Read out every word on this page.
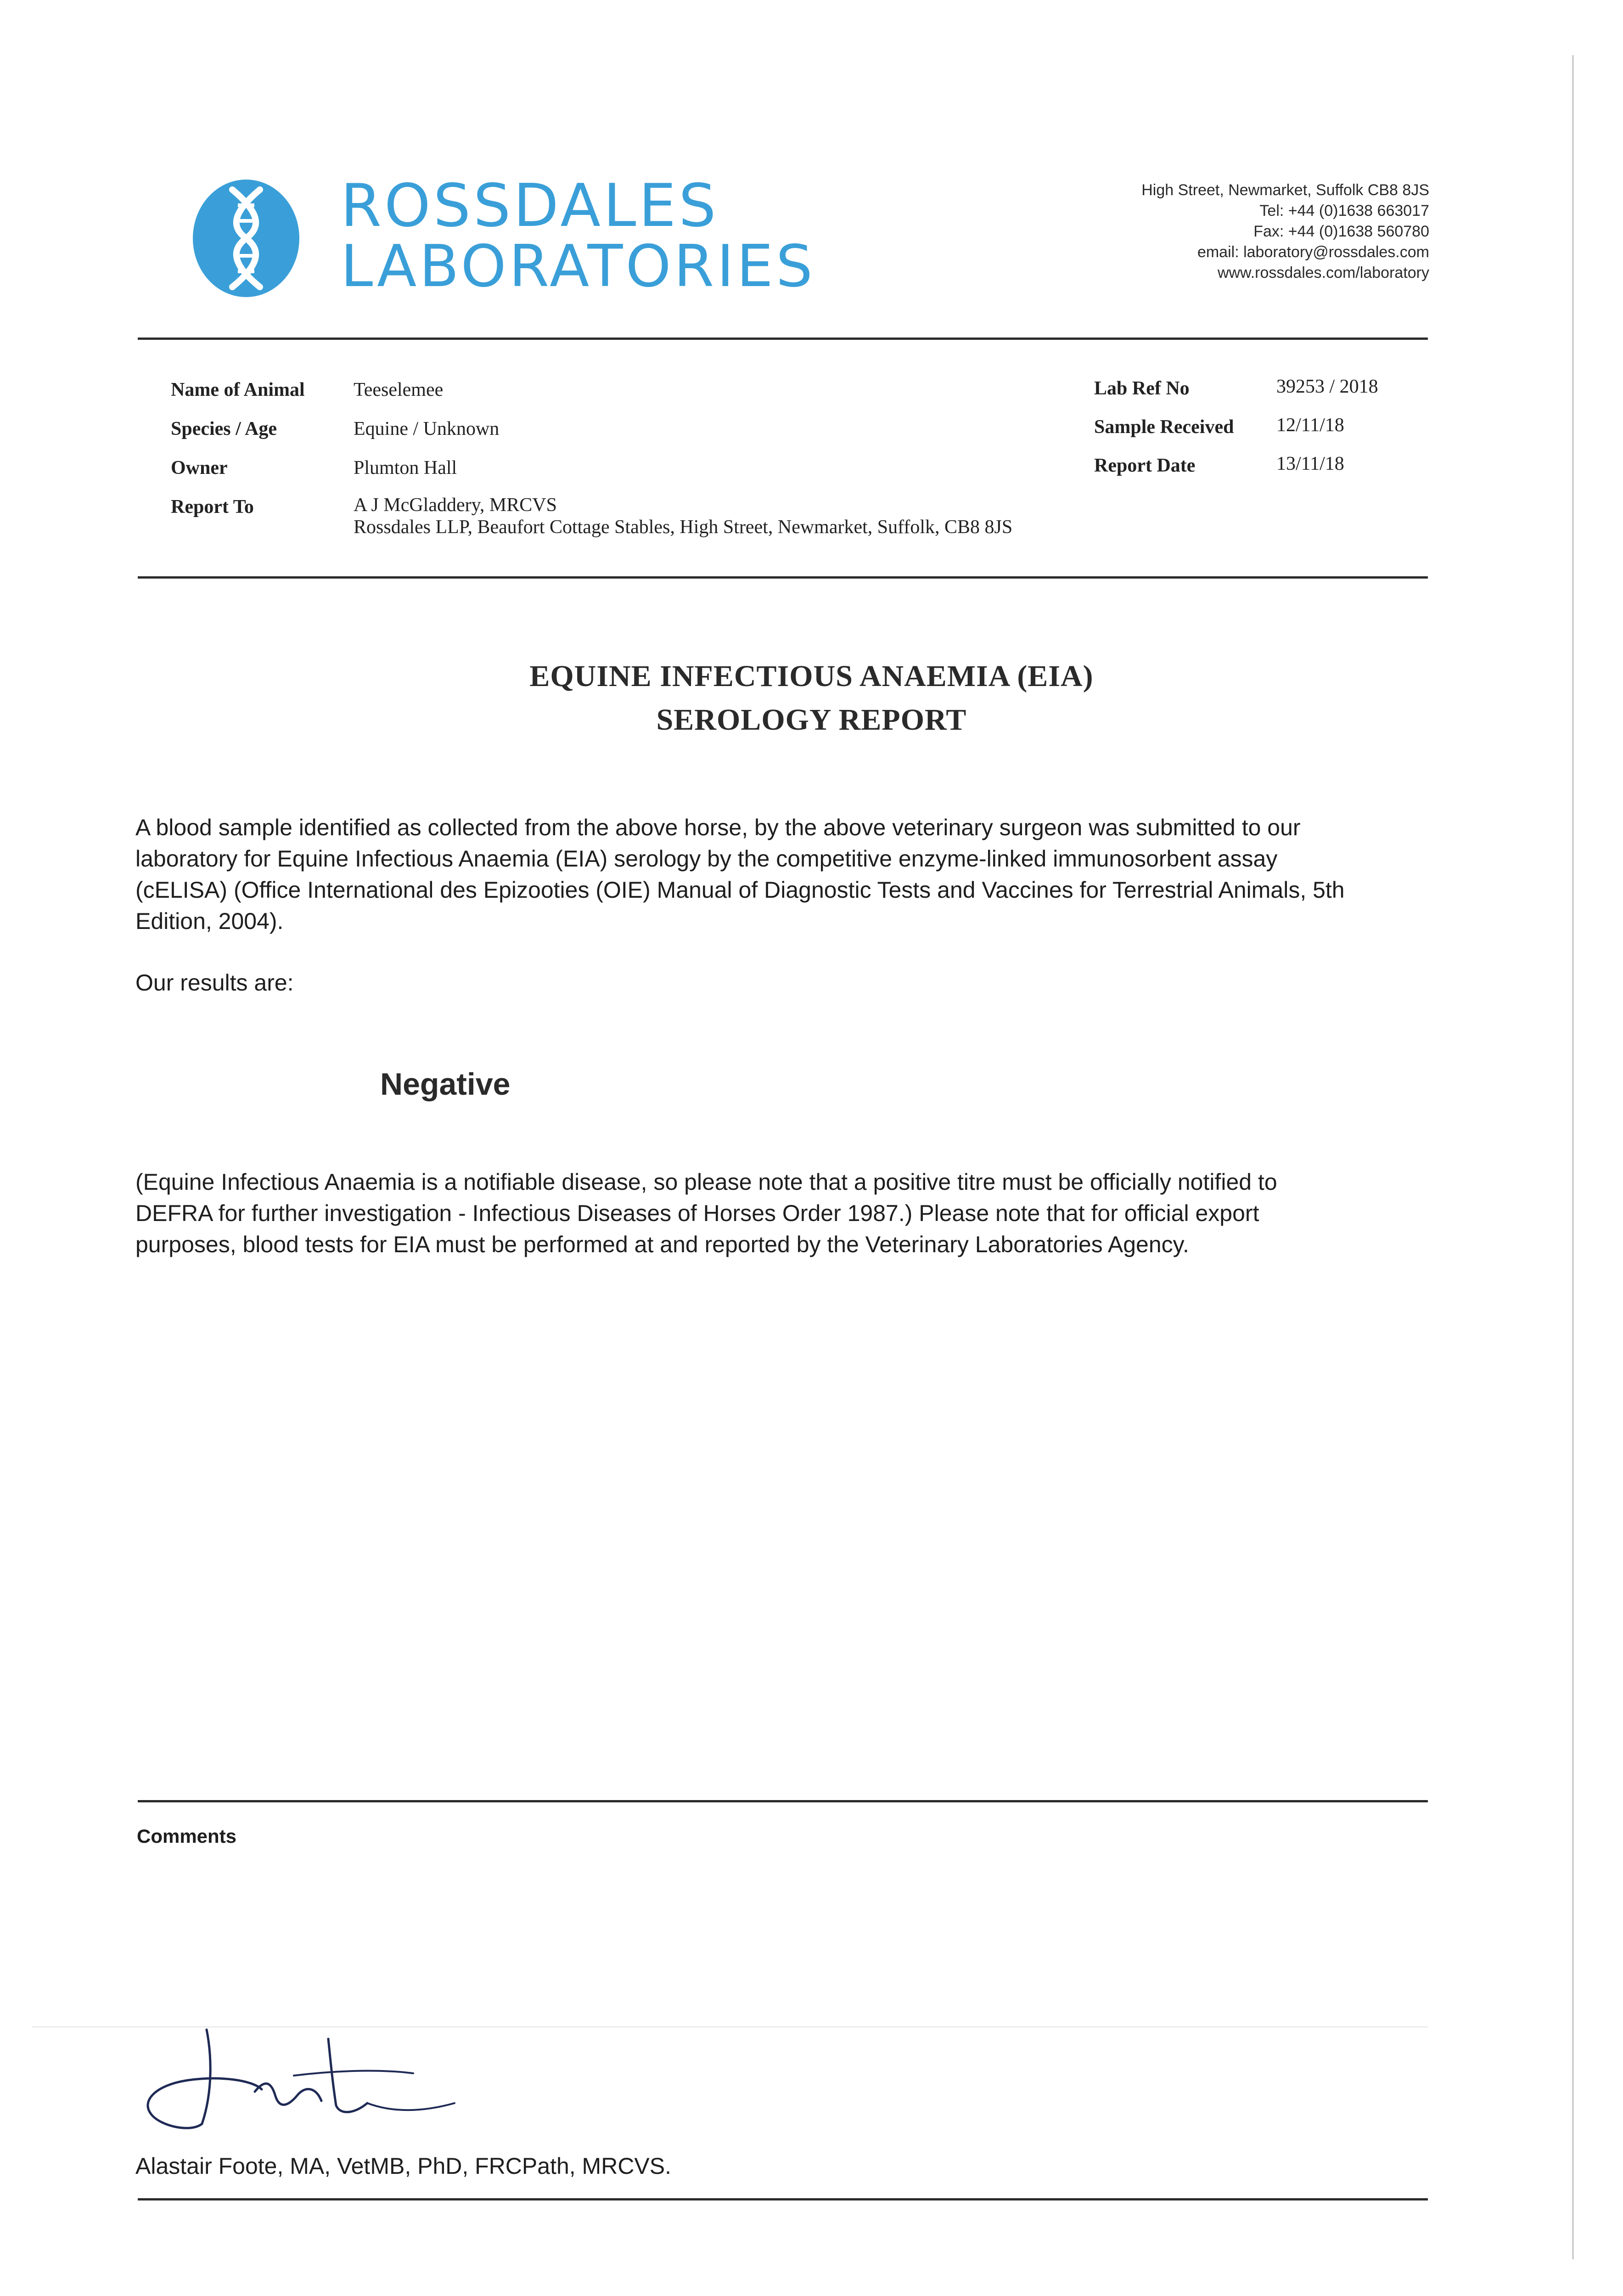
ROSSDALES
LABORATORIES
High Street, Newmarket, Suffolk CB8 8JS
Tel: +44 (0)1638 663017
Fax: +44 (0)1638 560780
email: laboratory@rossdales.com
www.rossdales.com/laboratory
Name of Animal	Teeselemee
Species / Age	Equine / Unknown
Owner	Plumton Hall
Report To	A J McGladdery, MRCVS
Rossdales LLP, Beaufort Cottage Stables, High Street, Newmarket, Suffolk, CB8 8JS
Lab Ref No	39253 / 2018
Sample Received 12/11/18
Report Date	13/11/18
EQUINE INFECTIOUS ANAEMIA (EIA)
SEROLOGY REPORT
A blood sample identified as collected from the above horse, by the above veterinary surgeon was submitted to our
laboratory for Equine Infectious Anaemia (EIA) serology by the competitive enzyme-linked immunosorbent assay
(cELISA) (Office International des Epizooties (OIE) Manual of Diagnostic Tests and Vaccines for Terrestrial Animals, 5th
Edition, 2004).
Our results are:
Negative
(Equine Infectious Anaemia is a notifiable disease, so please note that a positive titre must be officially notified to
DEFRA for further investigation - Infectious Diseases of Horses Order 1987.) Please note that for official export
purposes, blood tests for EIA must be performed at and reported by the Veterinary Laboratories Agency.
Comments
Alastair Foote, MA, VetMB, PhD, FRCPath, MRCVS.
